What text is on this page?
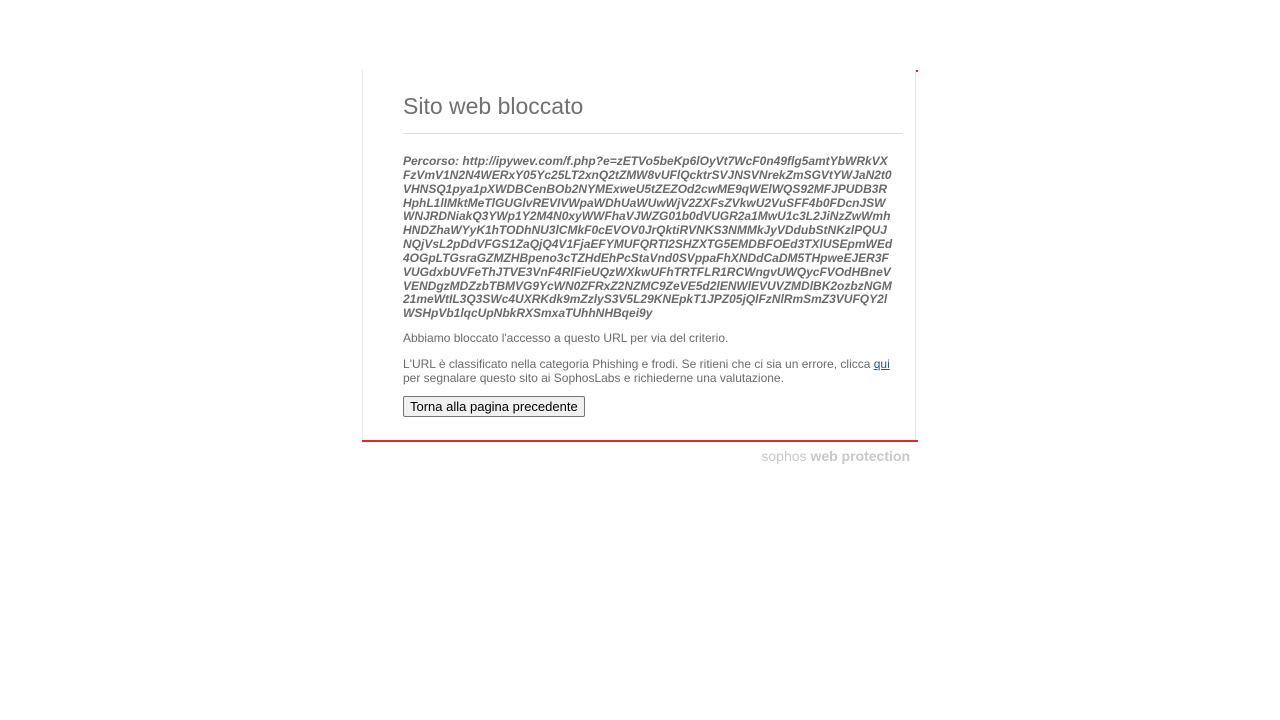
Sito web bloccato
Percorso: http://ipywev.com/f.php?e=zETVo5beKp6lOyVt7WcF0n49flg5amtYbWRkVXFzVmV1N2N4WERxY05Yc25LT2xnQ2tZMW8vUFlQcktrSVJNSVNrekZmSGVtYWJaN2t0VHNSQ1pya1pXWDBCenBOb2NYMExweU5tZEZOd2cwME9qWElWQS92MFJPUDB3RHphL1lIMktMeTlGUGlvREVIVWpaWDhUaWUwWjV2ZXFsZVkwU2VuSFF4b0FDcnJSWWNJRDNiakQ3YWp1Y2M4N0xyWWFhaVJWZG01b0dVUGR2a1MwU1c3L2JiNzZwWmhHNDZhaWYyK1hTODhNU3lCMkF0cEVOV0JrQktiRVNKS3NMMkJyVDdubStNKzlPQUJNQjVsL2pDdVFGS1ZaQjQ4V1FjaEFYMUFQRTI2SHZXTG5EMDBFOEd3TXlUSEpmWEd4OGpLTGsraGZMZHBpeno3cTZHdEhPcStaVnd0SVppaFhXNDdCaDM5THpweEJER3FVUGdxbUVFeThJTVE3VnF4RlFieUQzWXkwUFhTRTFLR1RCWngvUWQycFVOdHBneVVENDgzMDZzbTBMVG9YcWN0ZFRxZ2NZMC9ZeVE5d2lENWlEVUVZMDlBK2ozbzNGM21meWtIL3Q3SWc4UXRKdk9mZzlyS3V5L29KNEpkT1JPZ05jQlFzNlRmSmZ3VUFQY2lWSHpVb1lqcUpNbkRXSmxaTUhhNHBqei9y

Abbiamo bloccato l'accesso a questo URL per via del criterio.

L'URL è classificato nella categoria Phishing e frodi. Se ritieni che ci sia un errore, clicca qui
per segnalare questo sito ai SophosLabs e richiederne una valutazione.

Torna alla pagina precedente
sophos web protection
